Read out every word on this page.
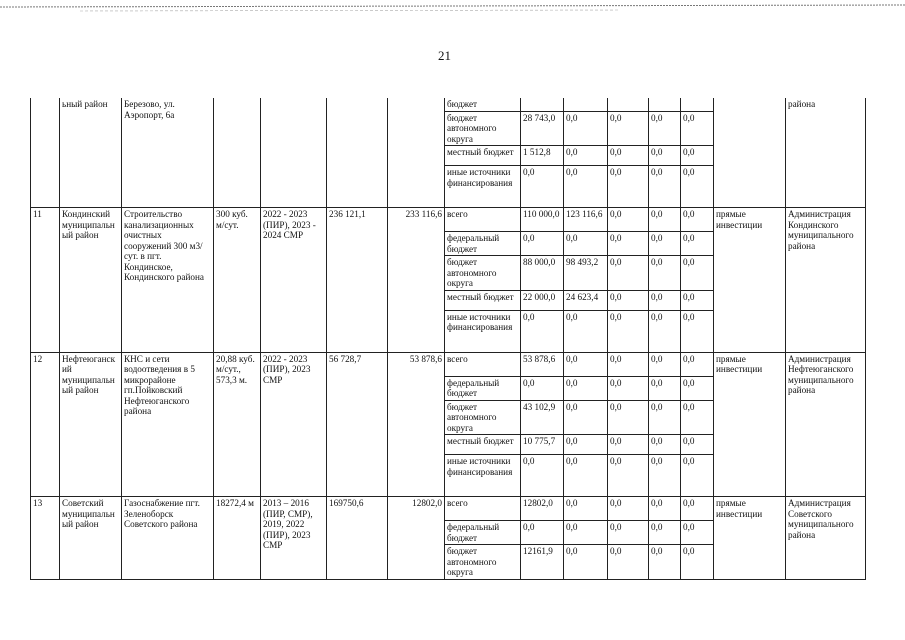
21
	ьный район	Березово, ул. Аэропорт, 6а					бюджет							района
							бюджет автономного округа	28 743,0	0,0	0,0	0,0	0,0		
							местный бюджет	1 512,8	0,0	0,0	0,0	0,0		
							иные источники финансирования	0,0	0,0	0,0	0,0	0,0		
11	Кондинский муниципальный район	Строительство канализационных очистных сооружений 300 м3/сут. в пгт. Кондинское, Кондинского района	300 куб. м/сут.	2022 - 2023 (ПИР), 2023 - 2024 СМР	236 121,1	233 116,6	всего	110 000,0	123 116,6	0,0	0,0	0,0	прямые инвестиции	Администрация Кондинского муниципального района
							федеральный бюджет	0,0	0,0	0,0	0,0	0,0		
							бюджет автономного округа	88 000,0	98 493,2	0,0	0,0	0,0		
							местный бюджет	22 000,0	24 623,4	0,0	0,0	0,0		
							иные источники финансирования	0,0	0,0	0,0	0,0	0,0		
12	Нефтеюганский муниципальный район	КНС и сети водоотведения в 5 микрорайоне гп.Пойковский Нефтеюганского района	20,88 куб. м/сут., 573,3 м.	2022 - 2023 (ПИР), 2023 СМР	56 728,7	53 878,6	всего	53 878,6	0,0	0,0	0,0	0,0	прямые инвестиции	Администрация Нефтеюганского муниципального района
							федеральный бюджет	0,0	0,0	0,0	0,0	0,0		
							бюджет автономного округа	43 102,9	0,0	0,0	0,0	0,0		
							местный бюджет	10 775,7	0,0	0,0	0,0	0,0		
							иные источники финансирования	0,0	0,0	0,0	0,0	0,0		
13	Советский муниципальный район	Газоснабжение пгт. Зеленоборск Советского района	18272,4 м	2013 – 2016 (ПИР, СМР), 2019, 2022 (ПИР), 2023 СМР	169750,6	12802,0	всего	12802,0	0,0	0,0	0,0	0,0	прямые инвестиции	Администрация Советского муниципального района
							федеральный бюджет	0,0	0,0	0,0	0,0	0,0		
							бюджет автономного округа	12161,9	0,0	0,0	0,0	0,0		
